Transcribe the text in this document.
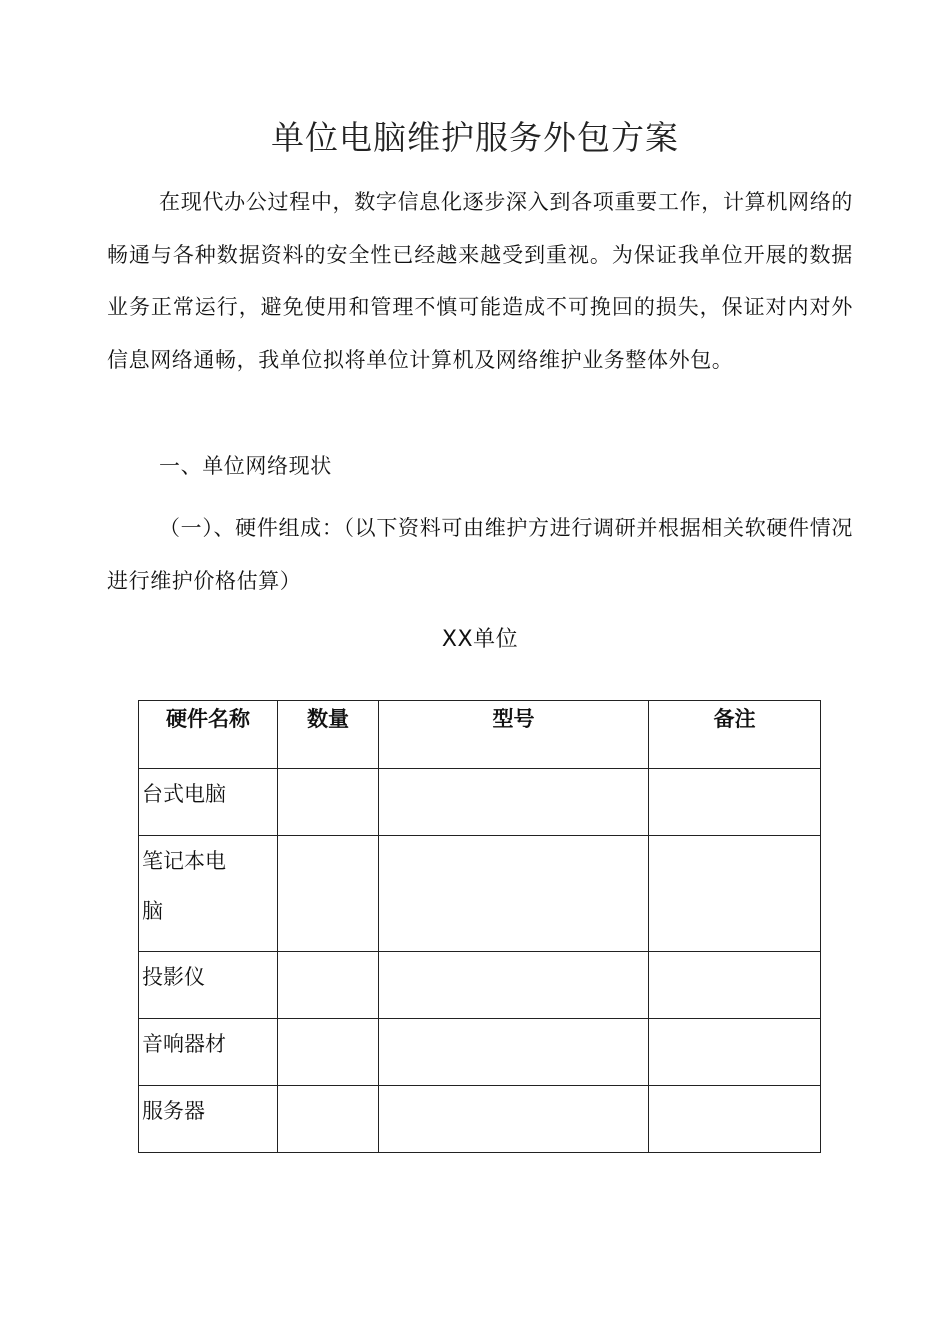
单位电脑维护服务外包方案

在现代办公过程中，数字信息化逐步深入到各项重要工作，计算机网络的畅通与各种数据资料的安全性已经越来越受到重视。为保证我单位开展的数据业务正常运行，避免使用和管理不慎可能造成不可挽回的损失，保证对内对外信息网络通畅，我单位拟将单位计算机及网络维护业务整体外包。

一、单位网络现状

（一）、硬件组成：（以下资料可由维护方进行调研并根据相关软硬件情况进行维护价格估算）

XX单位
硬件名称	数量	型号	备注

台式电脑			

笔记本电脑			

投影仪			

音响器材			

服务器			
